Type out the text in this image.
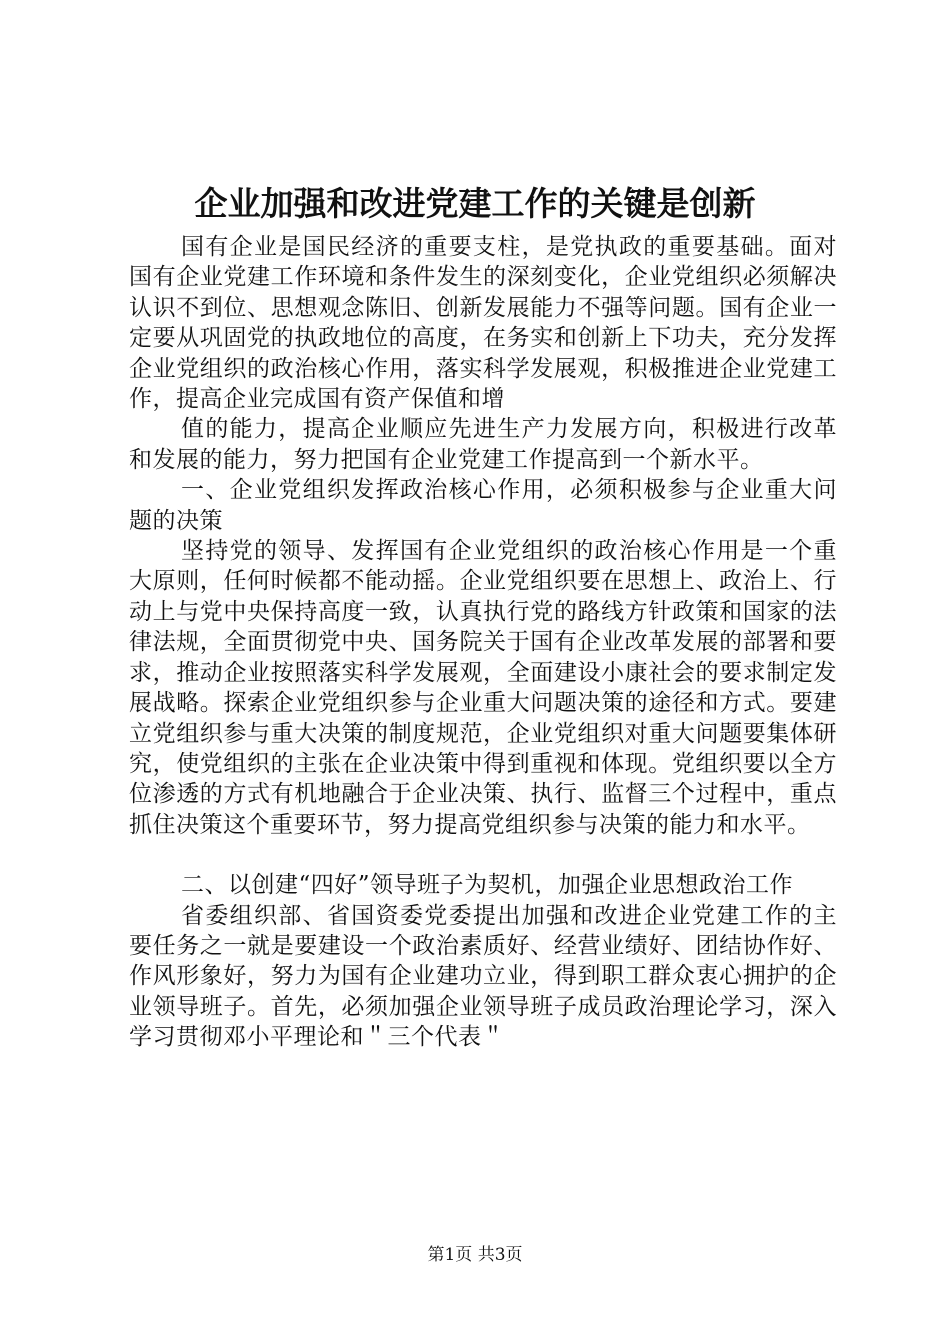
企业加强和改进党建工作的关键是创新

国有企业是国民经济的重要支柱，是党执政的重要基础。面对国有企业党建工作环境和条件发生的深刻变化，企业党组织必须解决认识不到位、思想观念陈旧、创新发展能力不强等问题。国有企业一定要从巩固党的执政地位的高度，在务实和创新上下功夫，充分发挥企业党组织的政治核心作用，落实科学发展观，积极推进企业党建工作，提高企业完成国有资产保值和增

值的能力，提高企业顺应先进生产力发展方向，积极进行改革和发展的能力，努力把国有企业党建工作提高到一个新水平。

一、企业党组织发挥政治核心作用，必须积极参与企业重大问题的决策

坚持党的领导、发挥国有企业党组织的政治核心作用是一个重大原则，任何时候都不能动摇。企业党组织要在思想上、政治上、行动上与党中央保持高度一致，认真执行党的路线方针政策和国家的法律法规，全面贯彻党中央、国务院关于国有企业改革发展的部署和要求，推动企业按照落实科学发展观，全面建设小康社会的要求制定发展战略。探索企业党组织参与企业重大问题决策的途径和方式。要建立党组织参与重大决策的制度规范，企业党组织对重大问题要集体研究，使党组织的主张在企业决策中得到重视和体现。党组织要以全方位渗透的方式有机地融合于企业决策、执行、监督三个过程中，重点抓住决策这个重要环节，努力提高党组织参与决策的能力和水平。

二、以创建“四好”领导班子为契机，加强企业思想政治工作

省委组织部、省国资委党委提出加强和改进企业党建工作的主要任务之一就是要建设一个政治素质好、经营业绩好、团结协作好、作风形象好，努力为国有企业建功立业，得到职工群众衷心拥护的企业领导班子。首先，必须加强企业领导班子成员政治理论学习，深入学习贯彻邓小平理论和＂三个代表＂

第1页 共3页
